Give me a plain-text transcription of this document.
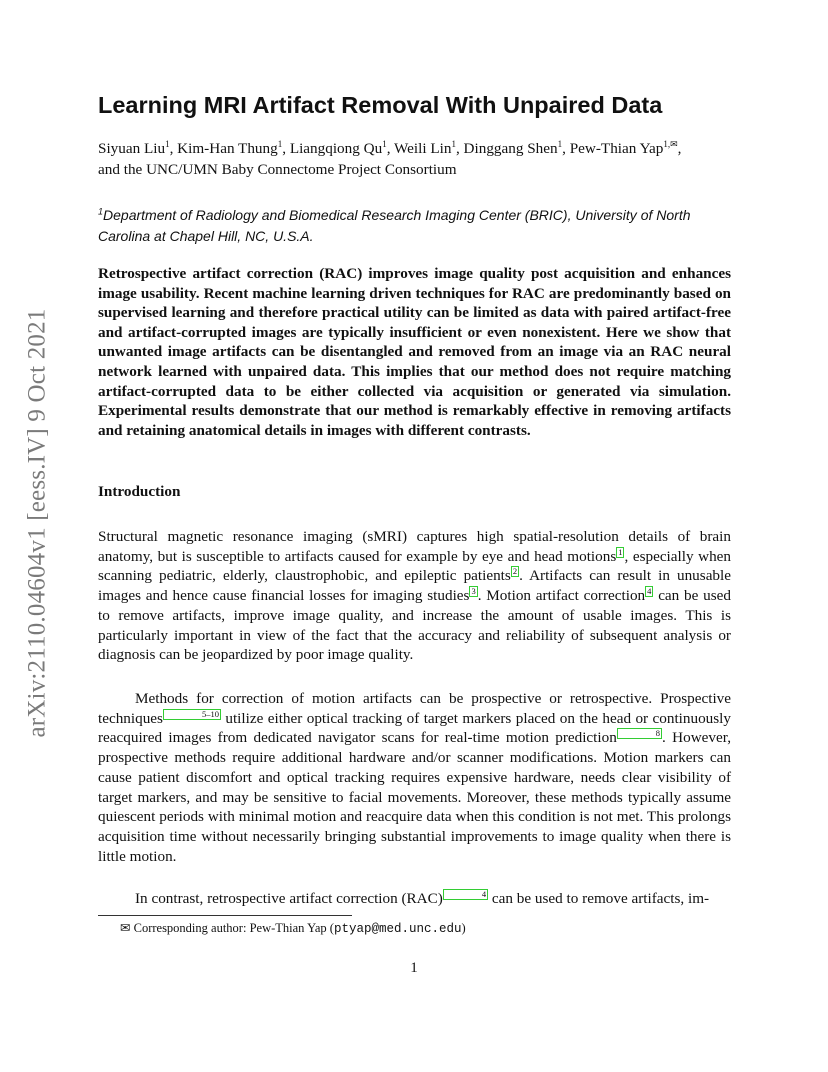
arXiv:2110.04604v1 [eess.IV] 9 Oct 2021
Learning MRI Artifact Removal With Unpaired Data
Siyuan Liu$^1$, Kim-Han Thung$^1$, Liangqiong Qu$^1$, Weili Lin$^1$, Dinggang Shen$^1$, Pew-Thian Yap$^{1,✉}$,
and the UNC/UMN Baby Connectome Project Consortium
$^1$Department of Radiology and Biomedical Research Imaging Center (BRIC), University of North Carolina at Chapel Hill, NC, U.S.A.

Retrospective artifact correction (RAC) improves image quality post acquisition and enhances image usability. Recent machine learning driven techniques for RAC are predominantly based on supervised learning and therefore practical utility can be limited as data with paired artifact-free and artifact-corrupted images are typically insufficient or even nonexistent. Here we show that unwanted image artifacts can be disentangled and removed from an image via an RAC neural network learned with unpaired data. This implies that our method does not require matching artifact-corrupted data to be either collected via acquisition or generated via simulation. Experimental results demonstrate that our method is remarkably effective in removing artifacts and retaining anatomical details in images with different contrasts.

Introduction

Structural magnetic resonance imaging (sMRI) captures high spatial-resolution details of brain anatomy, but is susceptible to artifacts caused for example by eye and head motions 1 , especially when scanning pediatric, elderly, claustrophobic, and epileptic patients 2 . Artifacts can result in unusable images and hence cause financial losses for imaging studies 3 . Motion artifact correction 4 can be used to remove artifacts, improve image quality, and increase the amount of usable images. This is particularly important in view of the fact that the accuracy and reliability of subsequent analysis or diagnosis can be jeopardized by poor image quality.

Methods for correction of motion artifacts can be prospective or retrospective. Prospective techniques	5–10 utilize either optical tracking of target markers placed on the head or continuously reacquired images from dedicated navigator scans for real-time motion prediction	8 . However, prospective methods require additional hardware and/or scanner modifications. Motion markers can cause patient discomfort and optical tracking requires expensive hardware, needs clear visibility of target markers, and may be sensitive to facial movements. Moreover, these methods typically assume quiescent periods with minimal motion and reacquire data when this condition is not met. This prolongs acquisition time without necessarily bringing substantial improvements to image quality when there is little motion.

In contrast, retrospective artifact correction (RAC)	4 can be used to remove artifacts, im-

✉ Corresponding author: Pew-Thian Yap (ptyap@med.unc.edu)
1
